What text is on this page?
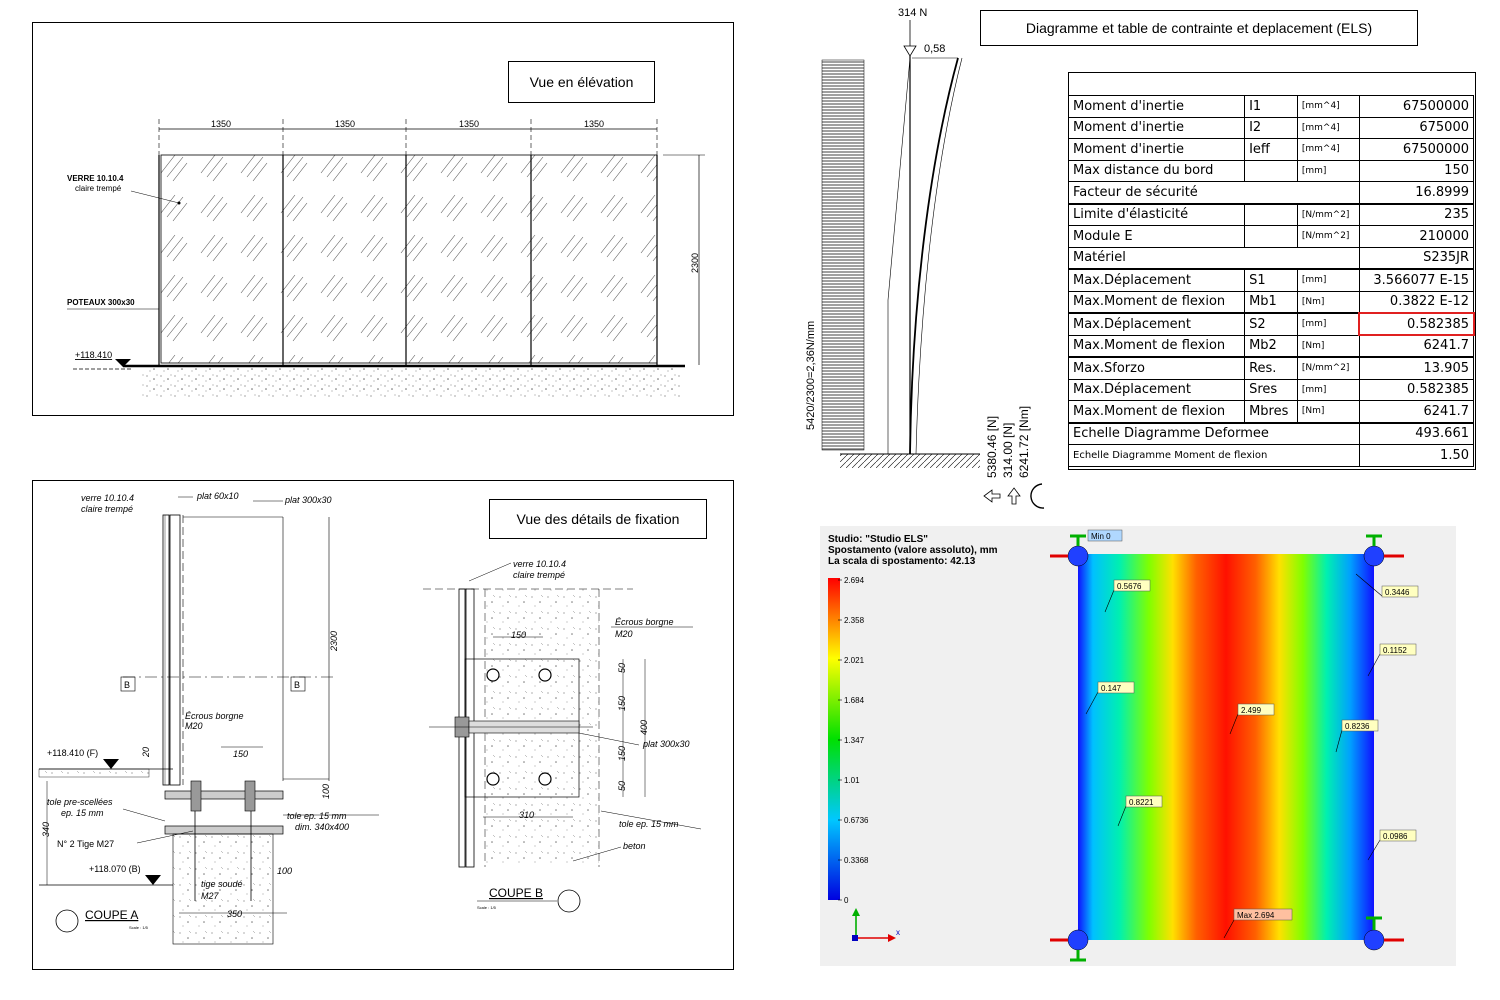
1350	1350	1350	1350
2300
+118.410
VERRE 10.10.4
claire trempé
POTEAUX 300x30
Vue en élévation
2300
verre 10.10.4
claire trempé
plat 60x10	plat 300x30
B	B
Écrous borgne
M20
150
+118.410 (F)	20
100
tole pre-scellées
ep. 15 mm
N° 2 Tige M27
340
tole ep. 15 mm
dim. 340x400
+118.070 (B)	100
tige soudé
M27
350
COUPE A
Scale : 1/5
verre 10.10.4
claire trempé
150
Écrous borgne
M20
50
150
400
150
50
plat 300x30
310
tole ep. 15 mm
beton
COUPE B
Scale : 1/5
Vue des détails de fixation
314 N
0,58
5420/2300=2,36N/mm
5380.46 [N] 314.00 [N] 6241.72 [Nm]
Diagramme et table de contrainte et deplacement (ELS)
Moment d'inertie	I1	[mm^4]	67500000
Moment d'inertie	I2	[mm^4]	675000
Moment d'inertie	Ieff	[mm^4]	67500000
Max distance du bord		[mm]	150
Facteur de sécurité			16.8999
Limite d'élasticité		[N/mm^2]	235
Module E		[N/mm^2]	210000
Matériel			S235JR
Max.Déplacement	S1	[mm]	3.566077 E-15
Max.Moment de flexion	Mb1	[Nm]	0.3822 E-12
Max.Déplacement	S2	[mm]	0.582385
Max.Moment de flexion	Mb2	[Nm]	6241.7
Max.Sforzo	Res.	[N/mm^2]	13.905
Max.Déplacement	Sres	[mm]	0.582385
Max.Moment de flexion	Mbres	[Nm]	6241.7
Echelle Diagramme Deformee			493.661
Echelle Diagramme Moment de flexion			1.50
Studio: "Studio ELS"
Spostamento (valore assoluto), mm
La scala di spostamento: 42.13
2.694
2.358
2.021
1.684
1.347
1.01
0.6736
0.3368
0
Min 0
Max 2.694
0.5676
0.3446
0.1152
0.147
2.499
0.8236
0.8221
0.0986
x
